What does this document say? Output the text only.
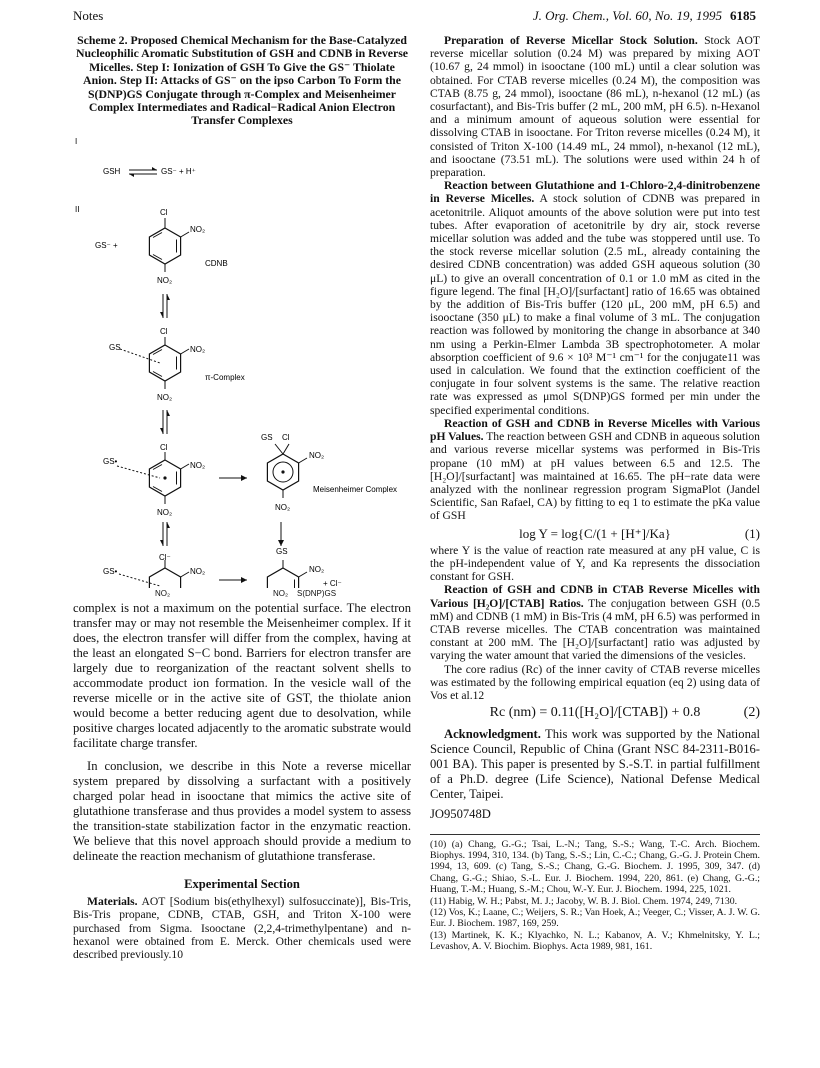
Notes	J. Org. Chem., Vol. 60, No. 19, 1995 6185
Scheme 2. Proposed Chemical Mechanism for the Base-Catalyzed Nucleophilic Aromatic Substitution of GSH and CDNB in Reverse Micelles. Step I: Ionization of GSH To Give the GS⁻ Thiolate Anion. Step II: Attacks of GS⁻ on the ipso Carbon To Form the S(DNP)GS Conjugate through π-Complex and Meisenheimer Complex Intermediates and Radical−Radical Anion Electron Transfer Complexes
I
GSH	GS⁻ + H⁺
II
GS⁻ +
Cl
NO₂
NO₂
CDNB
Cl
GS	NO₂
NO₂
π-Complex
Cl
GS•	NO₂
NO₂
GS Cl
NO₂
NO₂
Meisenheimer Complex
Cl⁻
GS•	NO₂
GS
NO₂
+ Cl⁻
NO₂	NO₂ S(DNP)GS

complex is not a maximum on the potential surface. The electron transfer may or may not resemble the Meisenheimer complex. If it does, the electron transfer will differ from the complex, having at the least an elongated S−C bond. Barriers for electron transfer are largely due to reorganization of the reactant solvent shells to accommodate product ion formation. In the vesicle wall of the reverse micelle or in the active site of GST, the thiolate anion would become a better reducing agent due to desolvation, while positive charges located adjacently to the aromatic substrate would facilitate charge transfer.

In conclusion, we describe in this Note a reverse micellar system prepared by dissolving a surfactant with a positively charged polar head in isooctane that mimics the active site of glutathione transferase and thus provides a model system to assess the transition-state stabilization factor in the enzymatic reaction. We believe that this novel approach should provide a medium to delineate the reaction mechanism of glutathione transferase.

Experimental Section

Materials. AOT [Sodium bis(ethylhexyl) sulfosuccinate)], Bis-Tris, Bis-Tris propane, CDNB, CTAB, GSH, and Triton X-100 were purchased from Sigma. Isooctane (2,2,4-trimethylpentane) and n-hexanol were obtained from E. Merck. Other chemicals used were described previously.10

Preparation of Reverse Micellar Stock Solution. Stock AOT reverse micellar solution (0.24 M) was prepared by mixing AOT (10.67 g, 24 mmol) in isooctane (100 mL) until a clear solution was obtained. For CTAB reverse micelles (0.24 M), the composition was CTAB (8.75 g, 24 mmol), isooctane (86 mL), n-hexanol (12 mL) (as cosurfactant), and Bis-Tris buffer (2 mL, 200 mM, pH 6.5). n-Hexanol and a minimum amount of aqueous solution were essential for dissolving CTAB in isooctane. For Triton reverse micelles (0.24 M), it consisted of Triton X-100 (14.49 mL, 24 mmol), n-hexanol (12 mL), and isooctane (73.51 mL). The solutions were used within 24 h of preparation.

Reaction between Glutathione and 1-Chloro-2,4-dinitrobenzene in Reverse Micelles. A stock solution of CDNB was prepared in acetonitrile. Aliquot amounts of the above solution were put into test tubes. After evaporation of acetonitrile by dry air, stock reverse micellar solution was added and the tube was stoppered until use. To the stock reverse micellar solution (2.5 mL, already containing the desired CDNB concentration) was added GSH aqueous solution (30 μL) to give an overall concentration of 0.1 or 1.0 mM as cited in the figure legend. The final [H₂O]/[surfactant] ratio of 16.65 was obtained by the addition of Bis-Tris buffer (120 μL, 200 mM, pH 6.5) and isooctane (350 μL) to make a final volume of 3 mL. The conjugation reaction was followed by monitoring the change in absorbance at 340 nm using a Perkin-Elmer Lambda 3B spectrophotometer. A molar absorption coefficient of 9.6 × 10³ M⁻¹ cm⁻¹ for the conjugate11 was used in calculation. We found that the extinction coefficient of the conjugate in four solvent systems is the same. The relative reaction rate was expressed as μmol S(DNP)GS formed per min under the specified experimental conditions.

Reaction of GSH and CDNB in Reverse Micelles with Various pH Values. The reaction between GSH and CDNB in aqueous solution and various reverse micellar systems was performed in Bis-Tris propane (10 mM) at pH values between 6.5 and 12.5. The [H₂O]/[surfactant] was maintained at 16.65. The pH−rate data were analyzed with the nonlinear regression program SigmaPlot (Jandel Scientific, San Rafael, CA) by fitting to eq 1 to estimate the pKa value of GSH

log Y = log{C/(1 + [H⁺]/Ka}	(1)

where Y is the value of reaction rate measured at any pH value, C is the pH-independent value of Y, and Ka represents the dissociation constant for GSH.

Reaction of GSH and CDNB in CTAB Reverse Micelles with Various [H₂O]/[CTAB] Ratios. The conjugation between GSH (0.5 mM) and CDNB (1 mM) in Bis-Tris (4 mM, pH 6.5) was performed in CTAB reverse micelles. The CTAB concentration was maintained constant at 200 mM. The [H₂O]/[surfactant] ratio was adjusted by varying the water amount that varied the dimensions of the vesicles.

The core radius (Rc) of the inner cavity of CTAB reverse micelles was estimated by the following empirical equation (eq 2) using data of Vos et al.12

Rc (nm) = 0.11([H₂O]/[CTAB]) + 0.8	(2)

Acknowledgment. This work was supported by the National Science Council, Republic of China (Grant NSC 84-2311-B016-001 BA). This paper is presented by S.-S.T. in partial fulfillment of a Ph.D. degree (Life Science), National Defense Medical Center, Taipei.

JO950748D

(10) (a) Chang, G.-G.; Tsai, L.-N.; Tang, S.-S.; Wang, T.-C. Arch. Biochem. Biophys. 1994, 310, 134. (b) Tang, S.-S.; Lin, C.-C.; Chang, G.-G. J. Protein Chem. 1994, 13, 609. (c) Tang, S.-S.; Chang, G.-G. Biochem. J. 1995, 309, 347. (d) Chang, G.-G.; Shiao, S.-L. Eur. J. Biochem. 1994, 220, 861. (e) Chang, G.-G.; Huang, T.-M.; Huang, S.-M.; Chou, W.-Y. Eur. J. Biochem. 1994, 225, 1021.
(11) Habig, W. H.; Pabst, M. J.; Jacoby, W. B. J. Biol. Chem. 1974, 249, 7130.
(12) Vos, K.; Laane, C.; Weijers, S. R.; Van Hoek, A.; Veeger, C.; Visser, A. J. W. G. Eur. J. Biochem. 1987, 169, 259.
(13) Martinek, K. K.; Klyachko, N. L.; Kabanov, A. V.; Khmelnitsky, Y. L.; Levashov, A. V. Biochim. Biophys. Acta 1989, 981, 161.
